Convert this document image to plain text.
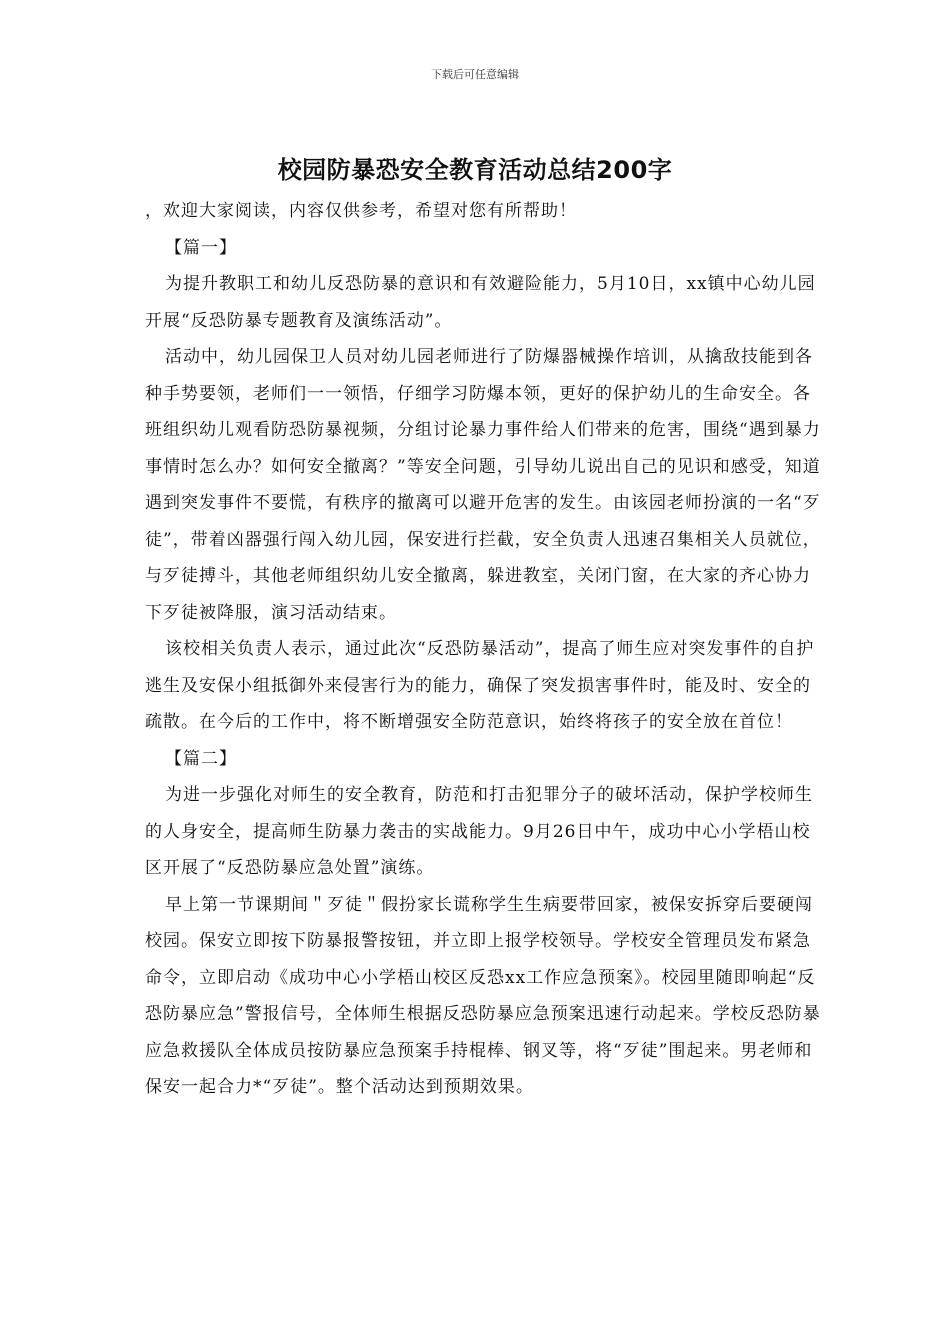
下载后可任意编辑
校园防暴恐安全教育活动总结200字

，欢迎大家阅读，内容仅供参考，希望对您有所帮助！

【篇一】

为提升教职工和幼儿反恐防暴的意识和有效避险能力，5月10日，xx镇中心幼儿园开展“反恐防暴专题教育及演练活动”。

活动中，幼儿园保卫人员对幼儿园老师进行了防爆器械操作培训，从擒敌技能到各种手势要领，老师们一一领悟，仔细学习防爆本领，更好的保护幼儿的生命安全。各班组织幼儿观看防恐防暴视频，分组讨论暴力事件给人们带来的危害，围绕“遇到暴力事情时怎么办？如何安全撤离？”等安全问题，引导幼儿说出自己的见识和感受，知道遇到突发事件不要慌，有秩序的撤离可以避开危害的发生。由该园老师扮演的一名“歹徒”，带着凶器强行闯入幼儿园，保安进行拦截，安全负责人迅速召集相关人员就位，与歹徒搏斗，其他老师组织幼儿安全撤离，躲进教室，关闭门窗，在大家的齐心协力下歹徒被降服，演习活动结束。

该校相关负责人表示，通过此次“反恐防暴活动”，提高了师生应对突发事件的自护逃生及安保小组抵御外来侵害行为的能力，确保了突发损害事件时，能及时、安全的疏散。在今后的工作中，将不断增强安全防范意识，始终将孩子的安全放在首位！

【篇二】

为进一步强化对师生的安全教育，防范和打击犯罪分子的破坏活动，保护学校师生的人身安全，提高师生防暴力袭击的实战能力。9月26日中午，成功中心小学梧山校区开展了“反恐防暴应急处置”演练。

早上第一节课期间＂歹徒＂假扮家长谎称学生生病要带回家，被保安拆穿后要硬闯校园。保安立即按下防暴报警按钮，并立即上报学校领导。学校安全管理员发布紧急命令，立即启动《成功中心小学梧山校区反恐xx工作应急预案》。校园里随即响起“反恐防暴应急”警报信号，全体师生根据反恐防暴应急预案迅速行动起来。学校反恐防暴应急救援队全体成员按防暴应急预案手持棍棒、钢叉等，将“歹徒”围起来。男老师和保安一起合力*“歹徒”。整个活动达到预期效果。
